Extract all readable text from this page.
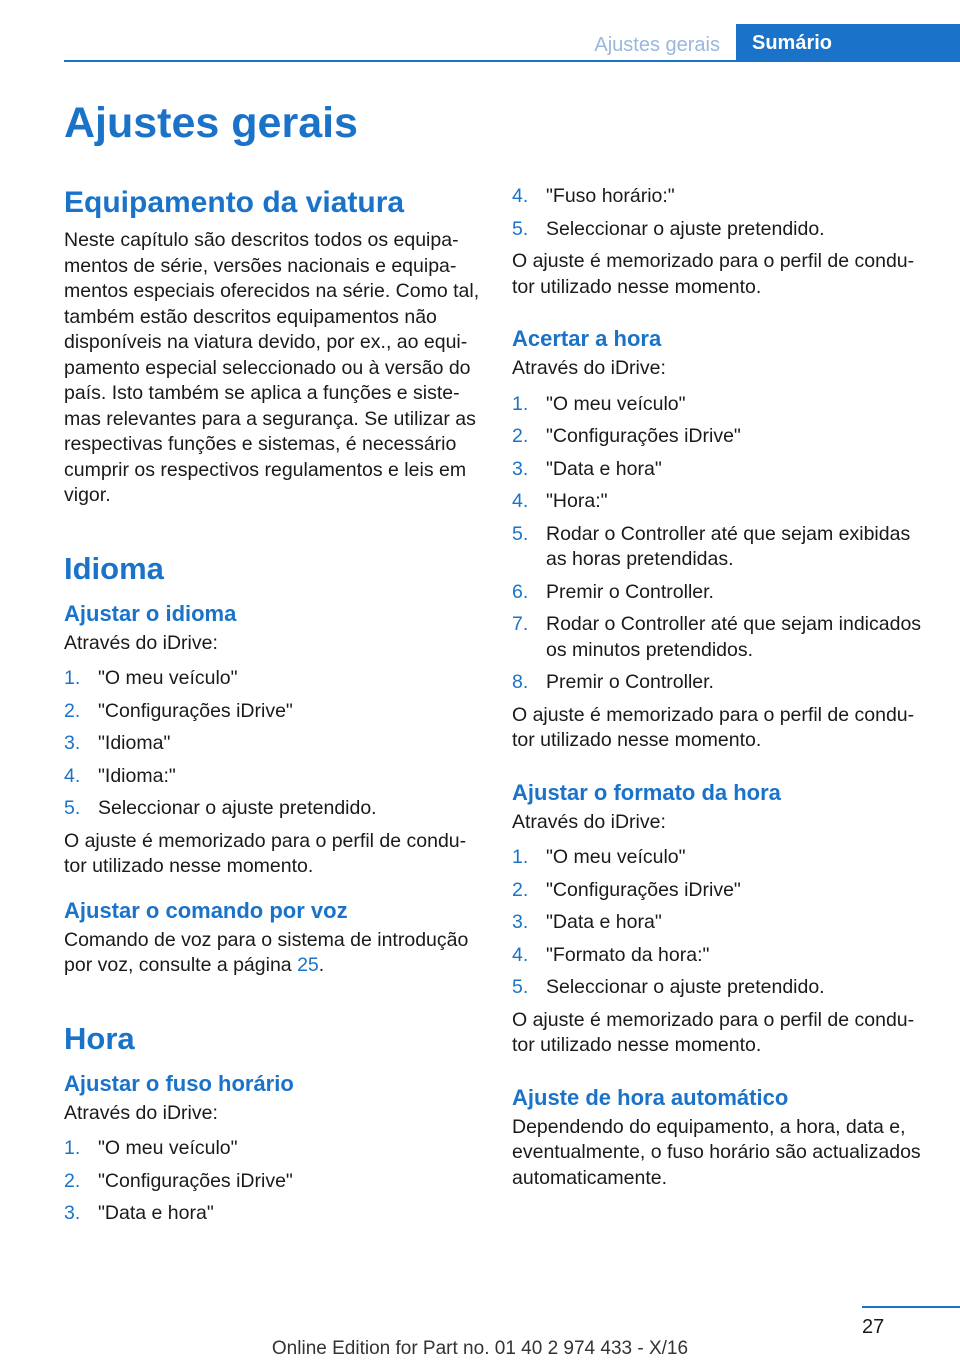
Ajustes gerais	Sumário
Ajustes gerais
Equipamento da viatura

Neste capítulo são descritos todos os equipa-mentos de série, versões nacionais e equipa-mentos especiais oferecidos na série. Como tal, também estão descritos equipamentos não disponíveis na viatura devido, por ex., ao equi-pamento especial seleccionado ou à versão do país. Isto também se aplica a funções e siste-mas relevantes para a segurança. Se utilizar as respectivas funções e sistemas, é necessário cumprir os respectivos regulamentos e leis em vigor.

Idioma
Ajustar o idioma

Através do iDrive:

1. "O meu veículo"
2. "Configurações iDrive"
3. "Idioma"
4. "Idioma:"
5. Seleccionar o ajuste pretendido.

O ajuste é memorizado para o perfil de condu-tor utilizado nesse momento.

Ajustar o comando por voz

Comando de voz para o sistema de introdução por voz, consulte a página 25.

Hora
Ajustar o fuso horário

Através do iDrive:

1. "O meu veículo"
2. "Configurações iDrive"
3. "Data e hora"
4. "Fuso horário:"
5. Seleccionar o ajuste pretendido.

O ajuste é memorizado para o perfil de condu-tor utilizado nesse momento.

Acertar a hora

Através do iDrive:

1. "O meu veículo"
2. "Configurações iDrive"
3. "Data e hora"
4. "Hora:"
5. Rodar o Controller até que sejam exibidas as horas pretendidas.
6. Premir o Controller.
7. Rodar o Controller até que sejam indicados os minutos pretendidos.
8. Premir o Controller.

O ajuste é memorizado para o perfil de condu-tor utilizado nesse momento.

Ajustar o formato da hora

Através do iDrive:

1. "O meu veículo"
2. "Configurações iDrive"
3. "Data e hora"
4. "Formato da hora:"
5. Seleccionar o ajuste pretendido.

O ajuste é memorizado para o perfil de condu-tor utilizado nesse momento.

Ajuste de hora automático

Dependendo do equipamento, a hora, data e, eventualmente, o fuso horário são actualizados automaticamente.

27
Online Edition for Part no. 01 40 2 974 433 - X/16
